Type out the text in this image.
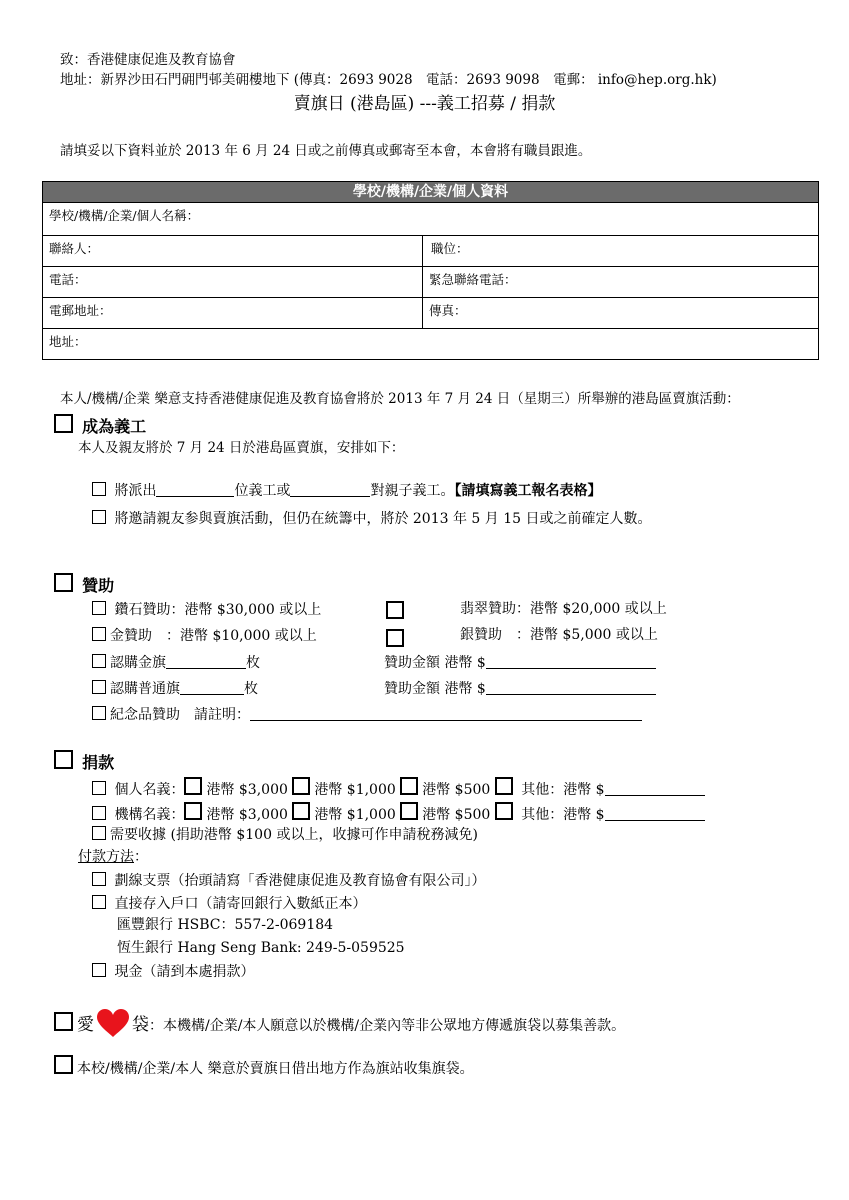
致：香港健康促進及教育協會
地址：新界沙田石門砽門邨美砽樓地下 (傳真：2693 9028　電話：2693 9098　電郵： info@hep.org.hk)
賣旗日 (港島區) ---義工招募 / 捐款
請填妥以下資料並於 2013 年 6 月 24 日或之前傳真或郵寄至本會，本會將有職員跟進。
學校/機構/企業/個人資料
學校/機構/企業/個人名稱：
聯絡人：	職位：
電話：	緊急聯絡電話：
電郵地址：	傳真：
地址：
本人/機構/企業 樂意支持香港健康促進及教育協會將於 2013 年 7 月 24 日（星期三）所舉辦的港島區賣旗活動：
成為義工
本人及親友將於 7 月 24 日於港島區賣旗，安排如下：
將派出	位義工或	對親子義工。【請填寫義工報名表格】
將邀請親友参與賣旗活動，但仍在統籌中，將於 2013 年 5 月 15 日或之前確定人數。
贊助
鑽石贊助：港幣 $30,000 或以上	翡翠贊助：港幣 $20,000 或以上
金贊助　：港幣 $10,000 或以上	銀贊助　：港幣 $5,000 或以上
認購金旗	枚	贊助金額 港幣 $
認購普通旗	枚	贊助金額 港幣 $
紀念品贊助　請註明：
捐款
個人名義： 港幣 $3,000 港幣 $1,000 港幣 $500 其他：港幣 $
機構名義： 港幣 $3,000 港幣 $1,000 港幣 $500 其他：港幣 $
需要收據 (捐助港幣 $100 或以上，收據可作申請稅務減免)
付款方法：
劃線支票（抬頭請寫「香港健康促進及教育協會有限公司」）
直接存入戶口（請寄回銀行入數紙正本）
匯豐銀行 HSBC：557-2-069184
恆生銀行 Hang Seng Bank: 249-5-059525
現金（請到本處捐款）
愛 袋：本機構/企業/本人願意以於機構/企業內等非公眾地方傳遞旗袋以募集善款。
本校/機構/企業/本人 樂意於賣旗日借出地方作為旗站收集旗袋。
